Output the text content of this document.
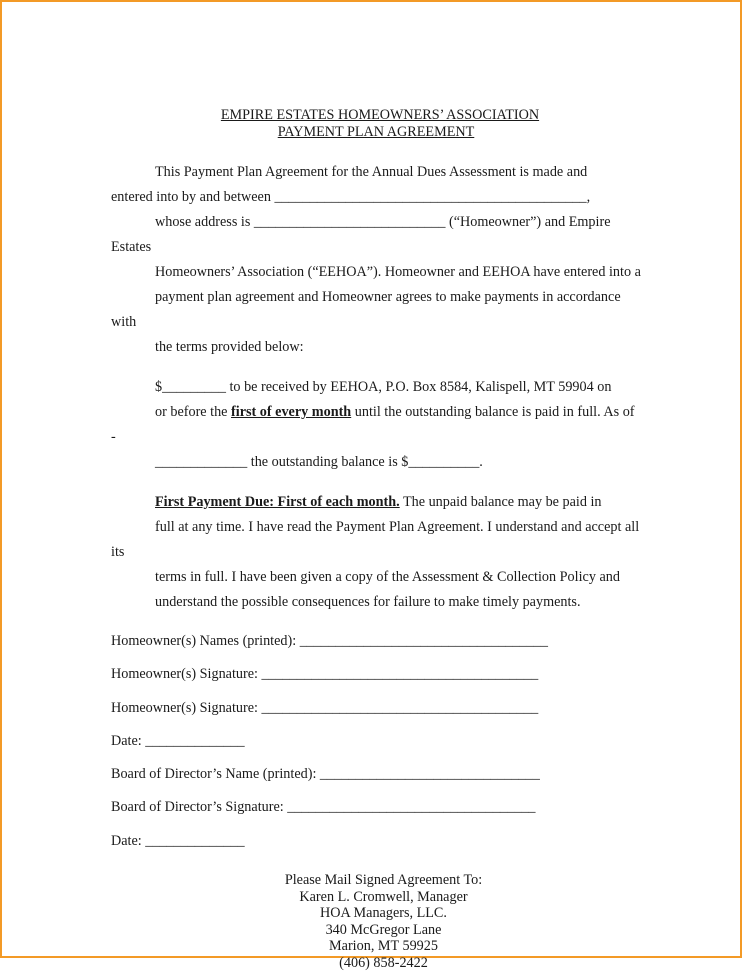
EMPIRE ESTATES HOMEOWNERS’ ASSOCIATION
PAYMENT PLAN AGREEMENT

This Payment Plan Agreement for the Annual Dues Assessment is made and
entered into by and between ____________________________________________,
whose address is ___________________________ (“Homeowner”) and Empire Estates
Homeowners’ Association (“EEHOA”). Homeowner and EEHOA have entered into a
payment plan agreement and Homeowner agrees to make payments in accordance with
the terms provided below:

$_________ to be received by EEHOA, P.O. Box 8584, Kalispell, MT 59904 on
or before the first of every month until the outstanding balance is paid in full. As of -
_____________ the outstanding balance is $__________.

First Payment Due: First of each month. The unpaid balance may be paid in
full at any time. I have read the Payment Plan Agreement. I understand and accept all its
terms in full. I have been given a copy of the Assessment & Collection Policy and
understand the possible consequences for failure to make timely payments.

Homeowner(s) Names (printed): ___________________________________
Homeowner(s) Signature: _______________________________________
Homeowner(s) Signature: _______________________________________
Date: ______________
Board of Director’s Name (printed): _______________________________
Board of Director’s Signature: ___________________________________
Date: ______________
Please Mail Signed Agreement To:
Karen L. Cromwell, Manager
HOA Managers, LLC.
340 McGregor Lane
Marion, MT 59925
(406) 858-2422
